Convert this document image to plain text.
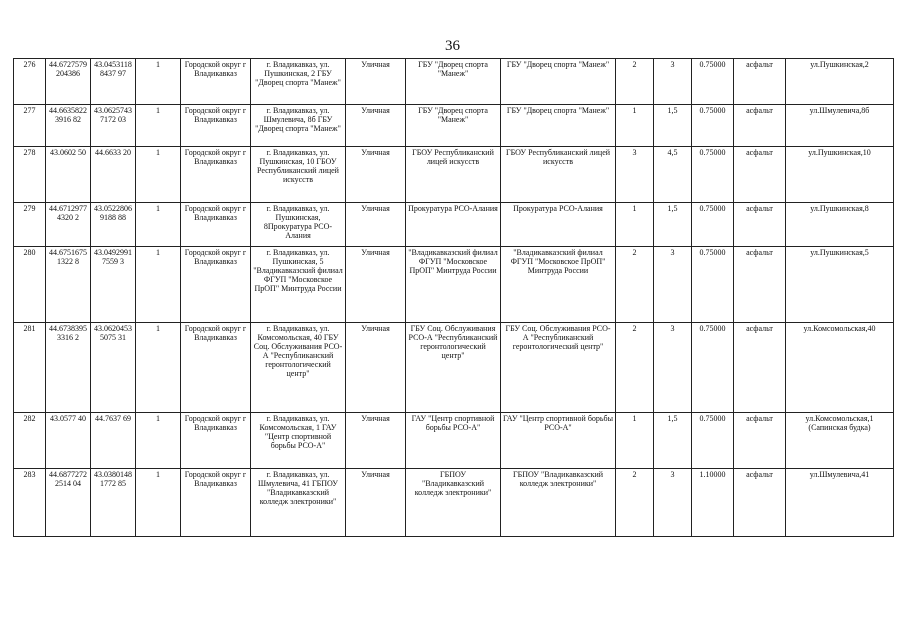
36
276	44.6727579204386	43.04531188437 97	1	Городской округ г Владикавказ	г. Владикавказ, ул. Пушкинская, 2 ГБУ "Дворец спорта "Манеж"	Уличная	ГБУ "Дворец спорта "Манеж"	ГБУ "Дворец спорта "Манеж"	2	3	0.75000	асфальт	ул.Пушкинская,2
277	44.66358223916 82	43.06257437172 03	1	Городской округ г Владикавказ	г. Владикавказ, ул. Шмулевича, 8б ГБУ "Дворец спорта "Манеж"	Уличная	ГБУ "Дворец спорта "Манеж"	ГБУ "Дворец спорта "Манеж"	1	1,5	0.75000	асфальт	ул.Шмулевича,8б
278	43.0602 50	44.6633 20	1	Городской округ г Владикавказ	г. Владикавказ, ул. Пушкинская, 10 ГБОУ Республиканский лицей искусств	Уличная	ГБОУ Республиканский лицей искусств	ГБОУ Республиканский лицей искусств	3	4,5	0.75000	асфальт	ул.Пушкинская,10
279	44.67129774320 2	43.05228069188 88	1	Городской округ г Владикавказ	г. Владикавказ, ул. Пушкинская, 8Прокуратура РСО-Алания	Уличная	Прокуратура РСО-Алания	Прокуратура РСО-Алания	1	1,5	0.75000	асфальт	ул.Пушкинская,8
280	44.67516751322 8	43.04929917559 3	1	Городской округ г Владикавказ	г. Владикавказ, ул. Пушкинская, 5 "Владикавказский филиал ФГУП "Московское ПрОП" Минтруда России	Уличная	"Владикавказский филиал ФГУП "Московское ПрОП" Минтруда России	"Владикавказский филиал ФГУП "Московское ПрОП" Минтруда России	2	3	0.75000	асфальт	ул.Пушкинская,5
281	44.67383953316 2	43.06204535075 31	1	Городской округ г Владикавказ	г. Владикавказ, ул. Комсомольская, 40 ГБУ Соц. Обслуживания РСО-А "Республиканский геронтологический центр"	Уличная	ГБУ Соц. Обслуживания РСО-А "Республиканский геронтологический центр"	ГБУ Соц. Обслуживания РСО-А "Республиканский геронтологический центр"	2	3	0.75000	асфальт	ул.Комсомольская,40
282	43.0577 40	44.7637 69	1	Городской округ г Владикавказ	г. Владикавказ, ул. Комсомольская, 1 ГАУ "Центр спортивной борьбы РСО-А"	Уличная	ГАУ "Центр спортивной борьбы РСО-А"	ГАУ "Центр спортивной борьбы РСО-А"	1	1,5	0.75000	асфальт	ул.Комсомольская,1 (Сапинская будка)
283	44.68772722514 04	43.03801481772 85	1	Городской округ г Владикавказ	г. Владикавказ, ул. Шмулевича, 41 ГБПОУ "Владикавказский колледж электроники"	Уличная	ГБПОУ "Владикавказский колледж электроники"	ГБПОУ "Владикавказский колледж электроники"	2	3	1.10000	асфальт	ул.Шмулевича,41
